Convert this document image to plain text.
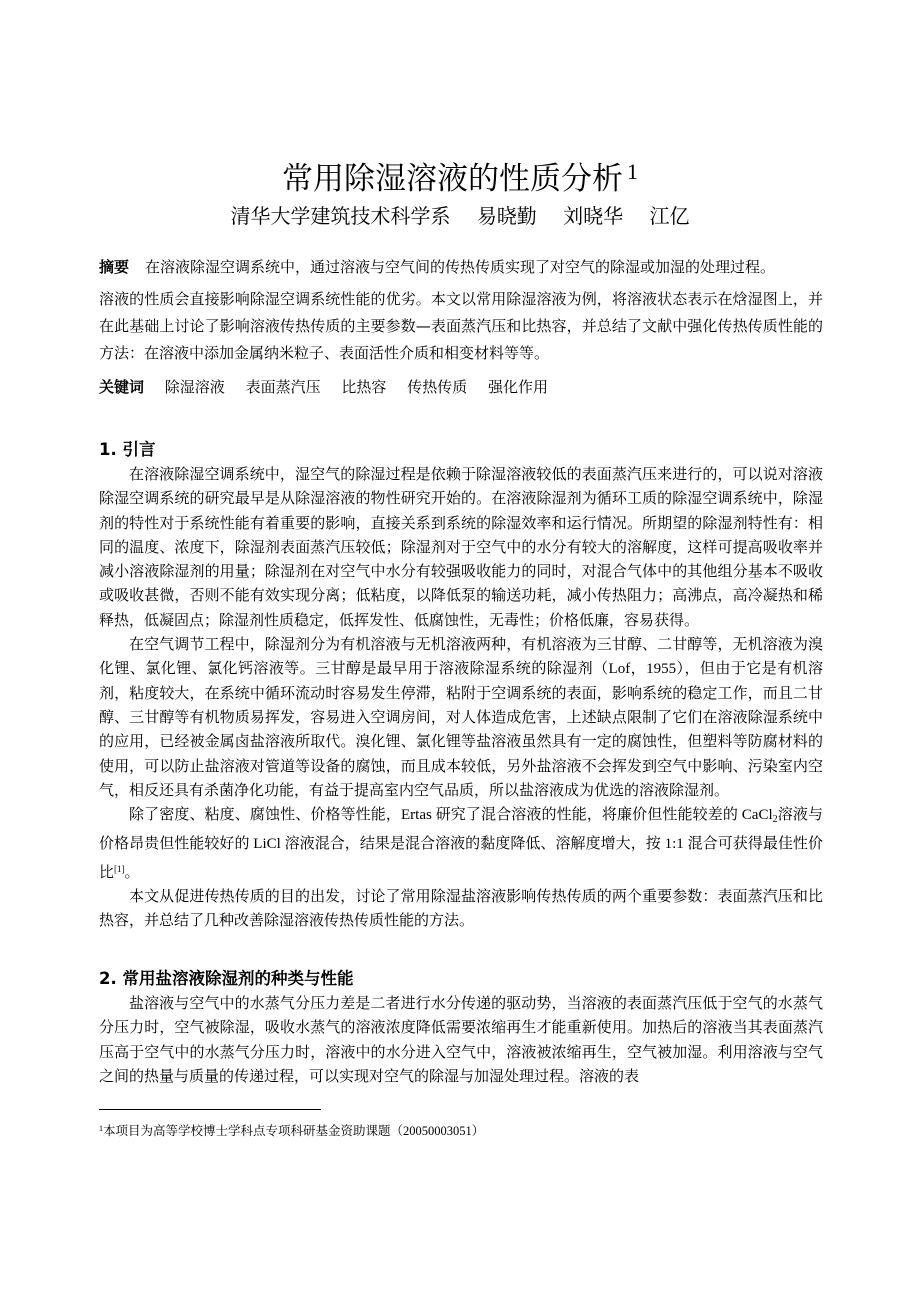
常用除湿溶液的性质分析 $^1$
清华大学建筑技术科学系 易晓勤 刘晓华 江亿

摘要 在溶液除湿空调系统中，通过溶液与空气间的传热传质实现了对空气的除湿或加湿的处理过程。

溶液的性质会直接影响除湿空调系统性能的优劣。本文以常用除湿溶液为例，将溶液状态表示在焓湿图上，并在此基础上讨论了影响溶液传热传质的主要参数—表面蒸汽压和比热容，并总结了文献中强化传热传质性能的方法：在溶液中添加金属纳米粒子、表面活性介质和相变材料等等。

关键词 除湿溶液 表面蒸汽压 比热容 传热传质 强化作用
1. 引言

在溶液除湿空调系统中，湿空气的除湿过程是依赖于除湿溶液较低的表面蒸汽压来进行的，可以说对溶液除湿空调系统的研究最早是从除湿溶液的物性研究开始的。在溶液除湿剂为循环工质的除湿空调系统中，除湿剂的特性对于系统性能有着重要的影响，直接关系到系统的除湿效率和运行情况。所期望的除湿剂特性有：相同的温度、浓度下，除湿剂表面蒸汽压较低；除湿剂对于空气中的水分有较大的溶解度，这样可提高吸收率并减小溶液除湿剂的用量；除湿剂在对空气中水分有较强吸收能力的同时，对混合气体中的其他组分基本不吸收或吸收甚微，否则不能有效实现分离；低粘度，以降低泵的输送功耗，减小传热阻力；高沸点，高冷凝热和稀释热，低凝固点；除湿剂性质稳定，低挥发性、低腐蚀性，无毒性；价格低廉，容易获得。

在空气调节工程中，除湿剂分为有机溶液与无机溶液两种，有机溶液为三甘醇、二甘醇等，无机溶液为溴化锂、氯化锂、氯化钙溶液等。三甘醇是最早用于溶液除湿系统的除湿剂（Lof，1955），但由于它是有机溶剂，粘度较大，在系统中循环流动时容易发生停滞，粘附于空调系统的表面，影响系统的稳定工作，而且二甘醇、三甘醇等有机物质易挥发，容易进入空调房间，对人体造成危害，上述缺点限制了它们在溶液除湿系统中的应用，已经被金属卤盐溶液所取代。溴化锂、氯化锂等盐溶液虽然具有一定的腐蚀性，但塑料等防腐材料的使用，可以防止盐溶液对管道等设备的腐蚀，而且成本较低，另外盐溶液不会挥发到空气中影响、污染室内空气，相反还具有杀菌净化功能，有益于提高室内空气品质，所以盐溶液成为优选的溶液除湿剂。

除了密度、粘度、腐蚀性、价格等性能，Ertas 研究了混合溶液的性能，将廉价但性能较差的 CaCl$_2$溶液与价格昂贵但性能较好的 LiCl 溶液混合，结果是混合溶液的黏度降低、溶解度增大，按 1:1 混合可获得最佳性价比[1]。

本文从促进传热传质的目的出发，讨论了常用除湿盐溶液影响传热传质的两个重要参数：表面蒸汽压和比热容，并总结了几种改善除湿溶液传热传质性能的方法。

2. 常用盐溶液除湿剂的种类与性能

盐溶液与空气中的水蒸气分压力差是二者进行水分传递的驱动势，当溶液的表面蒸汽压低于空气的水蒸气分压力时，空气被除湿，吸收水蒸气的溶液浓度降低需要浓缩再生才能重新使用。加热后的溶液当其表面蒸汽压高于空气中的水蒸气分压力时，溶液中的水分进入空气中，溶液被浓缩再生，空气被加湿。利用溶液与空气之间的热量与质量的传递过程，可以实现对空气的除湿与加湿处理过程。溶液的表

$^1$本项目为高等学校博士学科点专项科研基金资助课题（20050003051）
